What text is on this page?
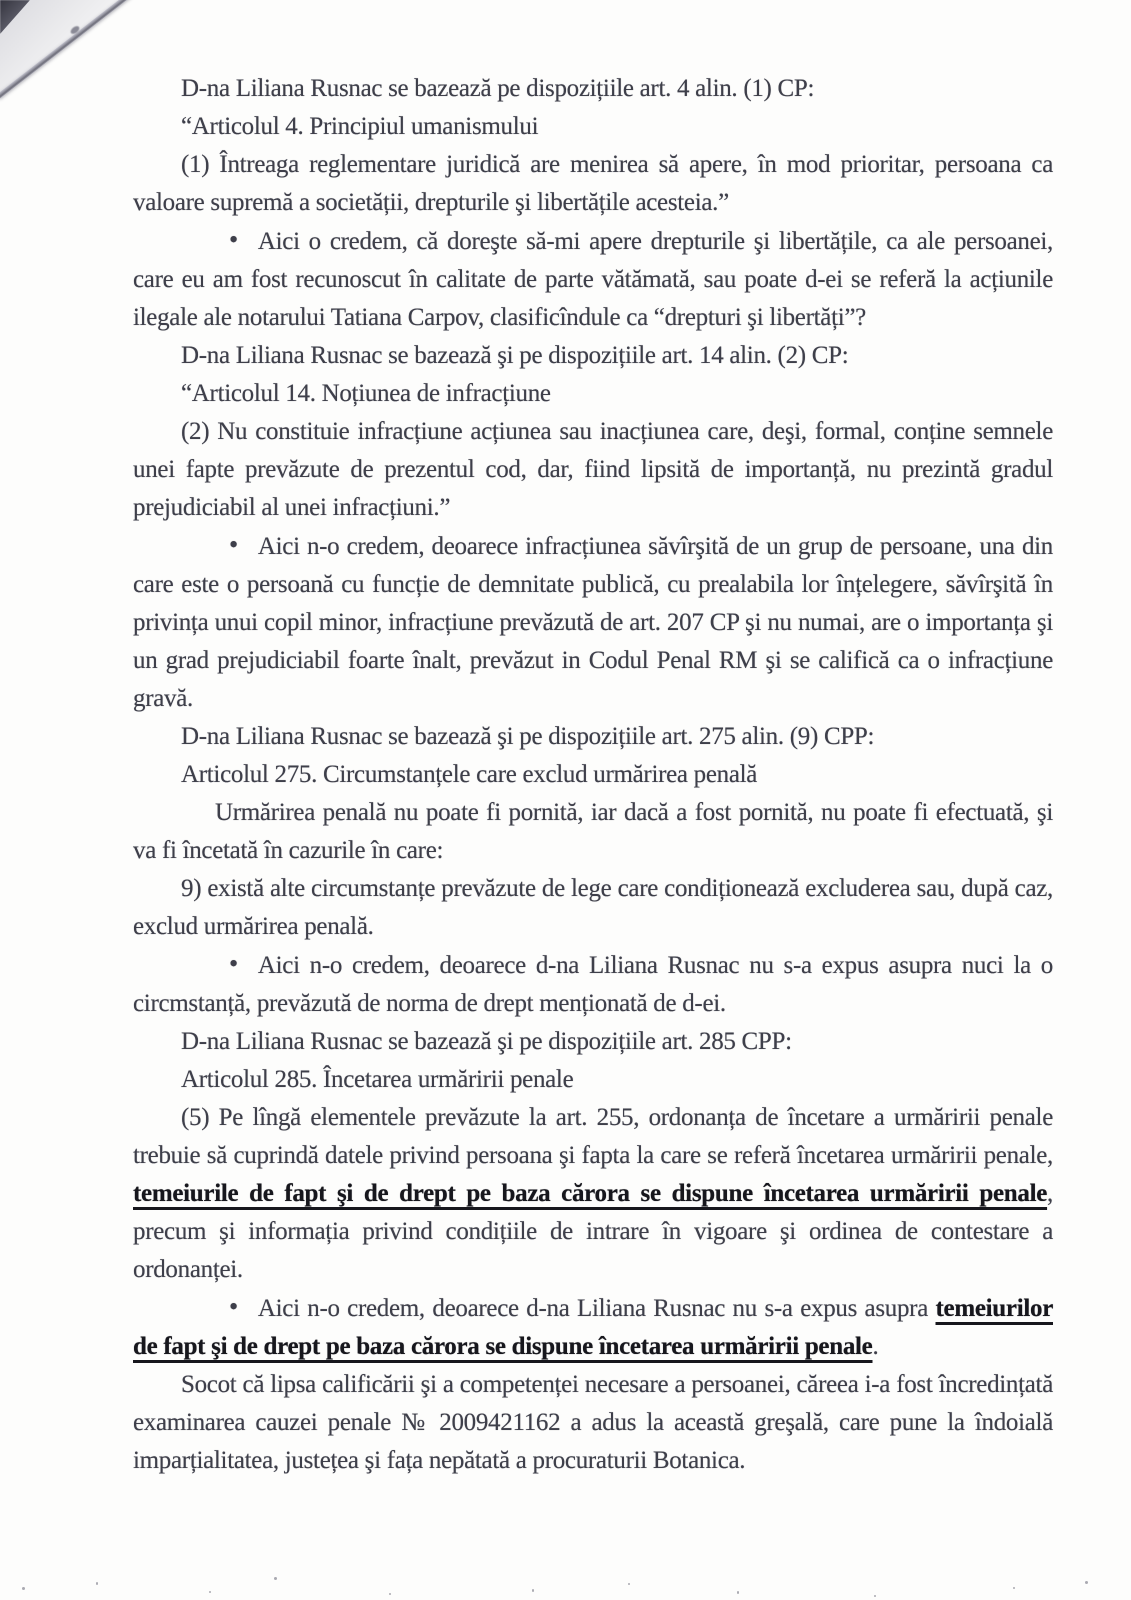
D-na Liliana Rusnac se bazează pe dispozițiile art. 4 alin. (1) CP:

“Articolul 4. Principiul umanismului

(1) Întreaga reglementare juridică are menirea să apere, în mod prioritar, persoana ca valoare supremă a societății, drepturile şi libertățile acesteia.”

• Aici o credem, că doreşte să-mi apere drepturile şi libertățile, ca ale persoanei, care eu am fost recunoscut în calitate de parte vătămată, sau poate d-ei se referă la acțiunile ilegale ale notarului Tatiana Carpov, clasificîndule ca “drepturi şi libertăți”?

D-na Liliana Rusnac se bazează şi pe dispozițiile art. 14 alin. (2) CP:

“Articolul 14. Noțiunea de infracțiune

(2) Nu constituie infracțiune acțiunea sau inacțiunea care, deşi, formal, conține semnele unei fapte prevăzute de prezentul cod, dar, fiind lipsită de importanță, nu prezintă gradul prejudiciabil al unei infracțiuni.”

• Aici n-o credem, deoarece infracțiunea săvîrşită de un grup de persoane, una din care este o persoană cu funcție de demnitate publică, cu prealabila lor înțelegere, săvîrşită în privința unui copil minor, infracțiune prevăzută de art. 207 CP şi nu numai, are o importanța şi un grad prejudiciabil foarte înalt, prevăzut in Codul Penal RM şi se califică ca o infracțiune gravă.

D-na Liliana Rusnac se bazează şi pe dispozițiile art. 275 alin. (9) CPP:

Articolul 275. Circumstanțele care exclud urmărirea penală

Urmărirea penală nu poate fi pornită, iar dacă a fost pornită, nu poate fi efectuată, şi va fi încetată în cazurile în care:

9) există alte circumstanțe prevăzute de lege care condiționează excluderea sau, după caz, exclud urmărirea penală.

• Aici n-o credem, deoarece d-na Liliana Rusnac nu s-a expus asupra nuci la o circmstanță, prevăzută de norma de drept menționată de d-ei.

D-na Liliana Rusnac se bazează şi pe dispozițiile art. 285 CPP:

Articolul 285. Încetarea urmăririi penale

(5) Pe lîngă elementele prevăzute la art. 255, ordonanța de încetare a urmăririi penale trebuie să cuprindă datele privind persoana şi fapta la care se referă încetarea urmăririi penale, temeiurile de fapt şi de drept pe baza cărora se dispune încetarea urmăririi penale, precum şi informația privind condițiile de intrare în vigoare şi ordinea de contestare a ordonanței.

• Aici n-o credem, deoarece d-na Liliana Rusnac nu s-a expus asupra temeiurilor de fapt şi de drept pe baza cărora se dispune încetarea urmăririi penale.

Socot că lipsa calificării şi a competenței necesare a persoanei, căreea i-a fost încredințată examinarea cauzei penale № 2009421162 a adus la această greşală, care pune la îndoială imparțialitatea, justețea şi fața nepătată a procuraturii Botanica.
